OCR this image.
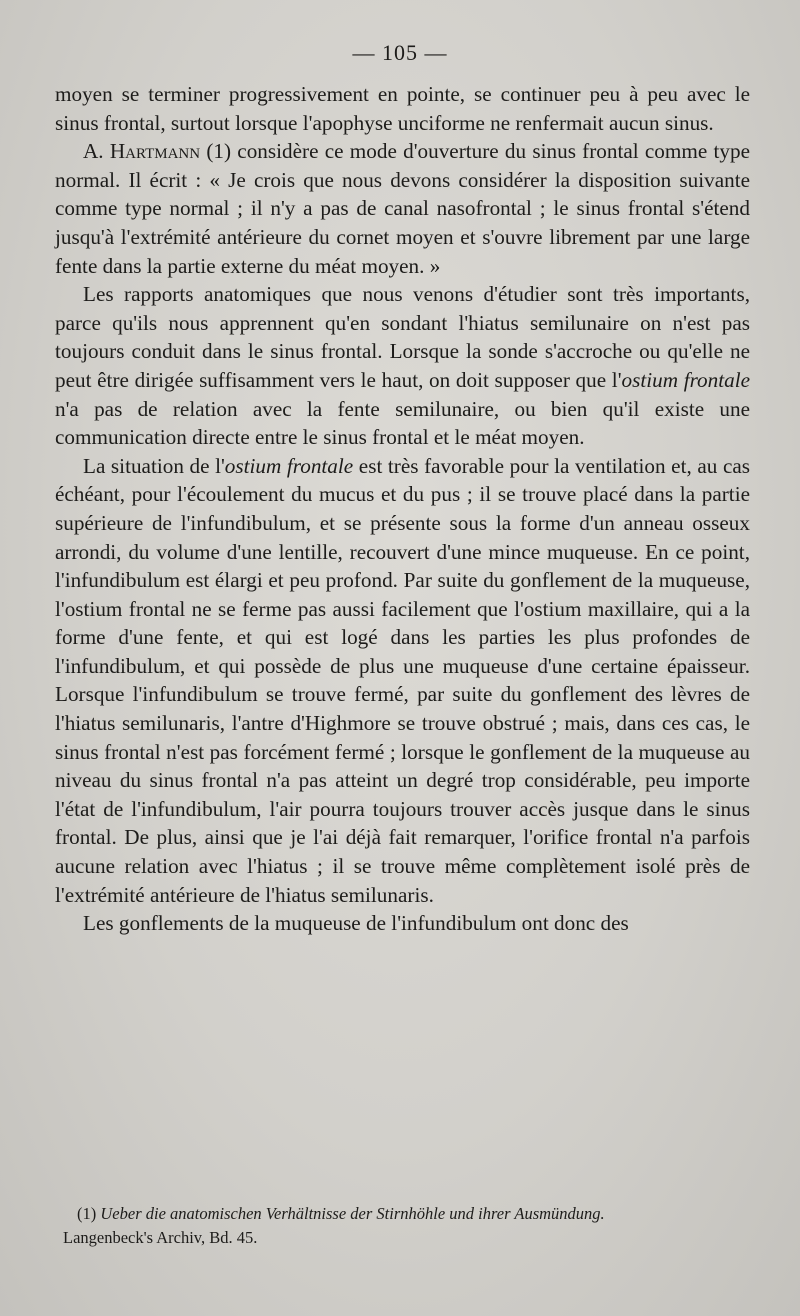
— 105 —

moyen se terminer progressivement en pointe, se continuer peu à peu avec le sinus frontal, surtout lorsque l'apophyse unciforme ne renfermait aucun sinus.

A. Hartmann (1) considère ce mode d'ouverture du sinus frontal comme type normal. Il écrit : « Je crois que nous devons considérer la disposition suivante comme type normal ; il n'y a pas de canal nasofrontal ; le sinus frontal s'étend jusqu'à l'extrémité antérieure du cornet moyen et s'ouvre librement par une large fente dans la partie externe du méat moyen. »

Les rapports anatomiques que nous venons d'étudier sont très importants, parce qu'ils nous apprennent qu'en sondant l'hiatus semilunaire on n'est pas toujours conduit dans le sinus frontal. Lorsque la sonde s'accroche ou qu'elle ne peut être dirigée suffisamment vers le haut, on doit supposer que l'ostium frontale n'a pas de relation avec la fente semilunaire, ou bien qu'il existe une communication directe entre le sinus frontal et le méat moyen.

La situation de l'ostium frontale est très favorable pour la ventilation et, au cas échéant, pour l'écoulement du mucus et du pus ; il se trouve placé dans la partie supérieure de l'infundibulum, et se présente sous la forme d'un anneau osseux arrondi, du volume d'une lentille, recouvert d'une mince muqueuse. En ce point, l'infundibulum est élargi et peu profond. Par suite du gonflement de la muqueuse, l'ostium frontal ne se ferme pas aussi facilement que l'ostium maxillaire, qui a la forme d'une fente, et qui est logé dans les parties les plus profondes de l'infundibulum, et qui possède de plus une muqueuse d'une certaine épaisseur. Lorsque l'infundibulum se trouve fermé, par suite du gonflement des lèvres de l'hiatus semilunaris, l'antre d'Highmore se trouve obstrué ; mais, dans ces cas, le sinus frontal n'est pas forcément fermé ; lorsque le gonflement de la muqueuse au niveau du sinus frontal n'a pas atteint un degré trop considérable, peu importe l'état de l'infundibulum, l'air pourra toujours trouver accès jusque dans le sinus frontal. De plus, ainsi que je l'ai déjà fait remarquer, l'orifice frontal n'a parfois aucune relation avec l'hiatus ; il se trouve même complètement isolé près de l'extrémité antérieure de l'hiatus semilunaris.

Les gonflements de la muqueuse de l'infundibulum ont donc des

(1) Ueber die anatomischen Verhältnisse der Stirnhöhle und ihrer Ausmündung.
Langenbeck's Archiv, Bd. 45.
